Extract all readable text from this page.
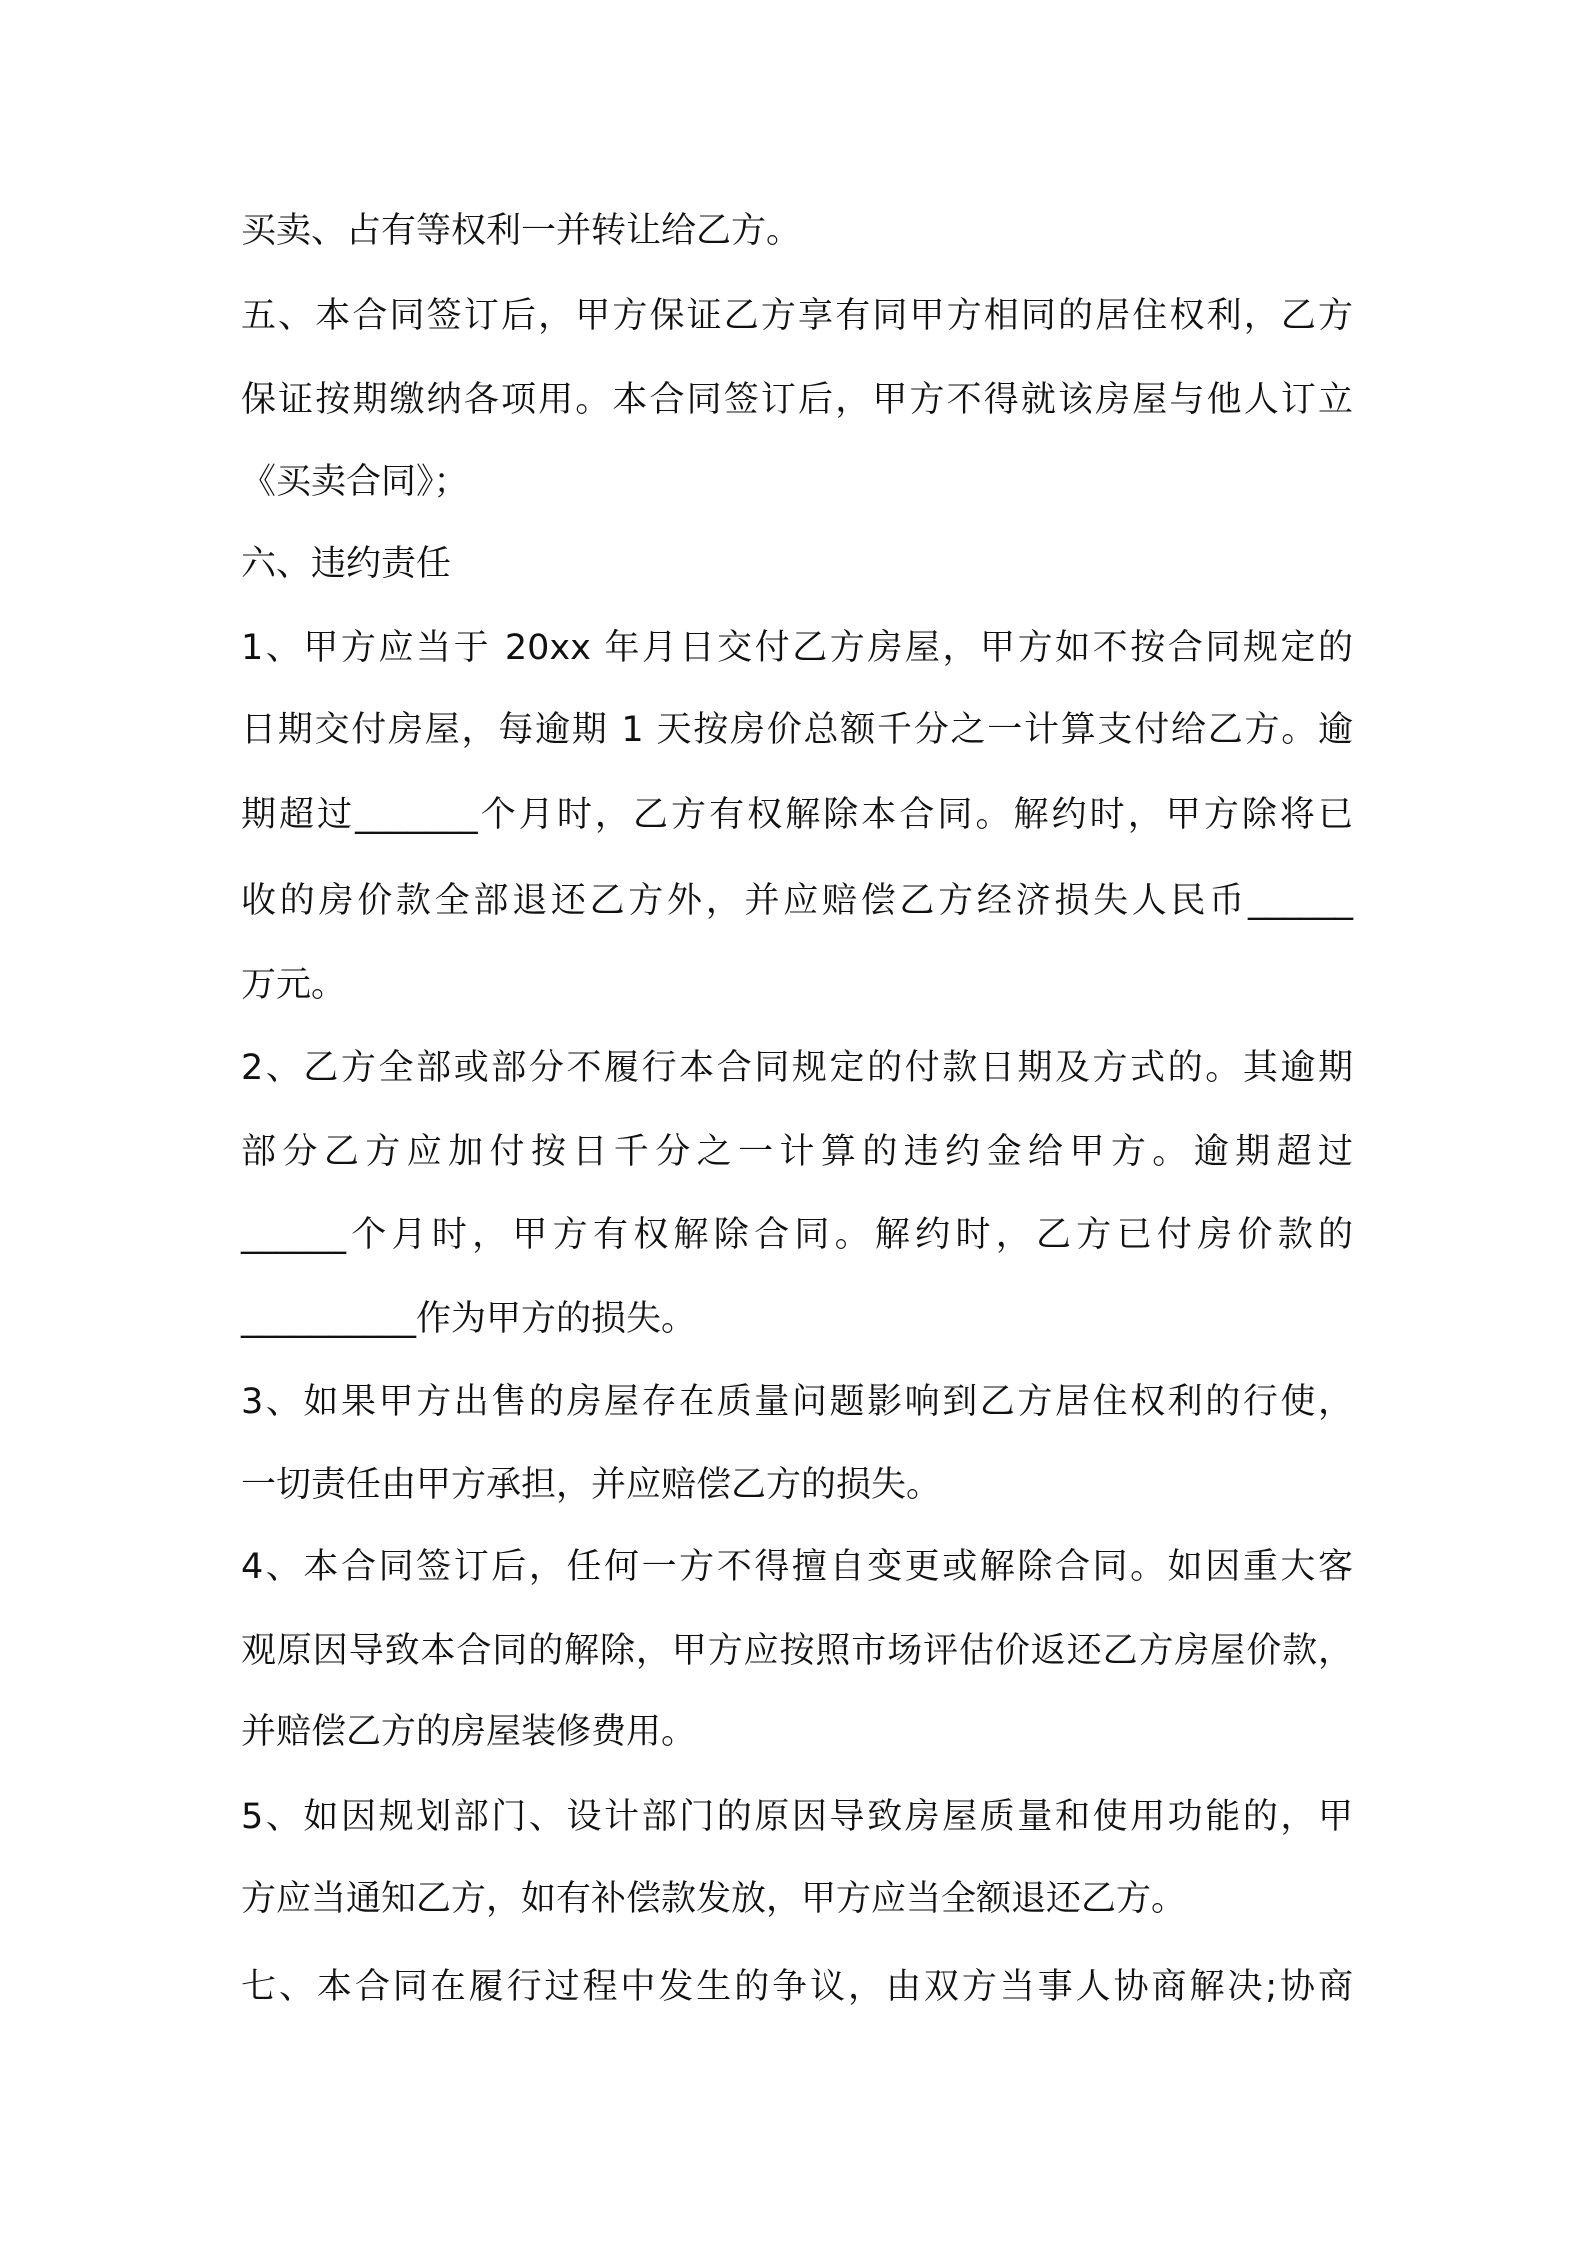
买卖、占有等权利一并转让给乙方。

五、本合同签订后，甲方保证乙方享有同甲方相同的居住权利，乙方

保证按期缴纳各项用。本合同签订后，甲方不得就该房屋与他人订立

《买卖合同》；

六、违约责任

1、甲方应当于 20xx 年月日交付乙方房屋，甲方如不按合同规定的

日期交付房屋，每逾期 1 天按房价总额千分之一计算支付给乙方。逾

期超过_______个月时，乙方有权解除本合同。解约时，甲方除将已

收的房价款全部退还乙方外，并应赔偿乙方经济损失人民币______

万元。

2、乙方全部或部分不履行本合同规定的付款日期及方式的。其逾期

部分乙方应加付按日千分之一计算的违约金给甲方。逾期超过

______个月时，甲方有权解除合同。解约时，乙方已付房价款的

__________作为甲方的损失。

3、如果甲方出售的房屋存在质量问题影响到乙方居住权利的行使，

一切责任由甲方承担，并应赔偿乙方的损失。

4、本合同签订后，任何一方不得擅自变更或解除合同。如因重大客

观原因导致本合同的解除，甲方应按照市场评估价返还乙方房屋价款，

并赔偿乙方的房屋装修费用。

5、如因规划部门、设计部门的原因导致房屋质量和使用功能的，甲

方应当通知乙方，如有补偿款发放，甲方应当全额退还乙方。

七、本合同在履行过程中发生的争议，由双方当事人协商解决;协商
